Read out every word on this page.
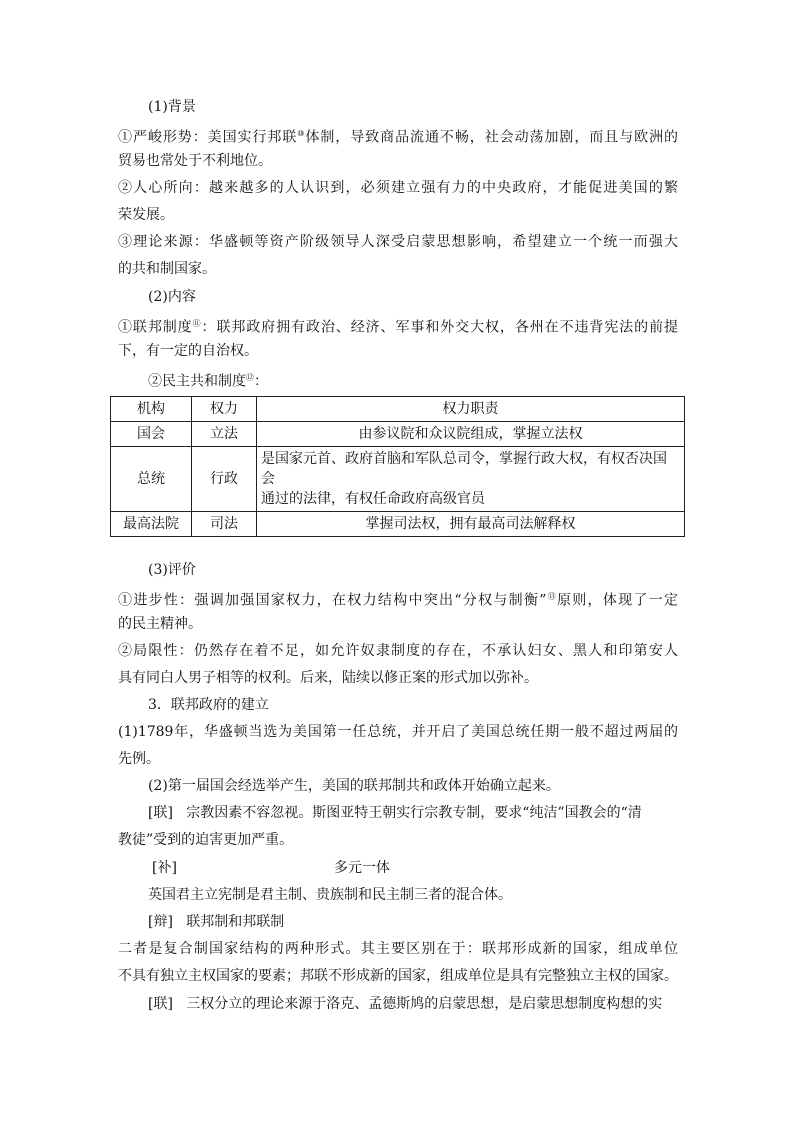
(1)背景
①严峻形势：美国实行邦联⑩体制，导致商品流通不畅，社会动荡加剧，而且与欧洲的
贸易也常处于不利地位。
②人心所向：越来越多的人认识到，必须建立强有力的中央政府，才能促进美国的繁
荣发展。
③理论来源：华盛顿等资产阶级领导人深受启蒙思想影响，希望建立一个统一而强大
的共和制国家。
(2)内容
①联邦制度⑪：联邦政府拥有政治、经济、军事和外交大权，各州在不违背宪法的前提
下，有一定的自治权。
②民主共和制度⑫：
机构	权力	权力职责
国会	立法	由参议院和众议院组成，掌握立法权
总统	行政	是国家元首、政府首脑和军队总司令，掌握行政大权，有权否决国会
通过的法律，有权任命政府高级官员

最高法院	司法	掌握司法权，拥有最高司法解释权
(3)评价
①进步性：强调加强国家权力，在权力结构中突出“分权与制衡”⑬原则，体现了一定
的民主精神。
②局限性：仍然存在着不足，如允许奴隶制度的存在，不承认妇女、黑人和印第安人
具有同白人男子相等的权利。后来，陆续以修正案的形式加以弥补。
3．联邦政府的建立
(1)1789年，华盛顿当选为美国第一任总统，并开启了美国总统任期一般不超过两届的
先例。
(2)第一届国会经选举产生，美国的联邦制共和政体开始确立起来。
[联] 宗教因素不容忽视。斯图亚特王朝实行宗教专制，要求“纯洁”国教会的“清
教徒”受到的迫害更加严重。
[补]	多元一体
英国君主立宪制是君主制、贵族制和民主制三者的混合体。
[辩] 联邦制和邦联制
二者是复合制国家结构的两种形式。其主要区别在于：联邦形成新的国家，组成单位
不具有独立主权国家的要素；邦联不形成新的国家，组成单位是具有完整独立主权的国家。
[联] 三权分立的理论来源于洛克、孟德斯鸠的启蒙思想，是启蒙思想制度构想的实
